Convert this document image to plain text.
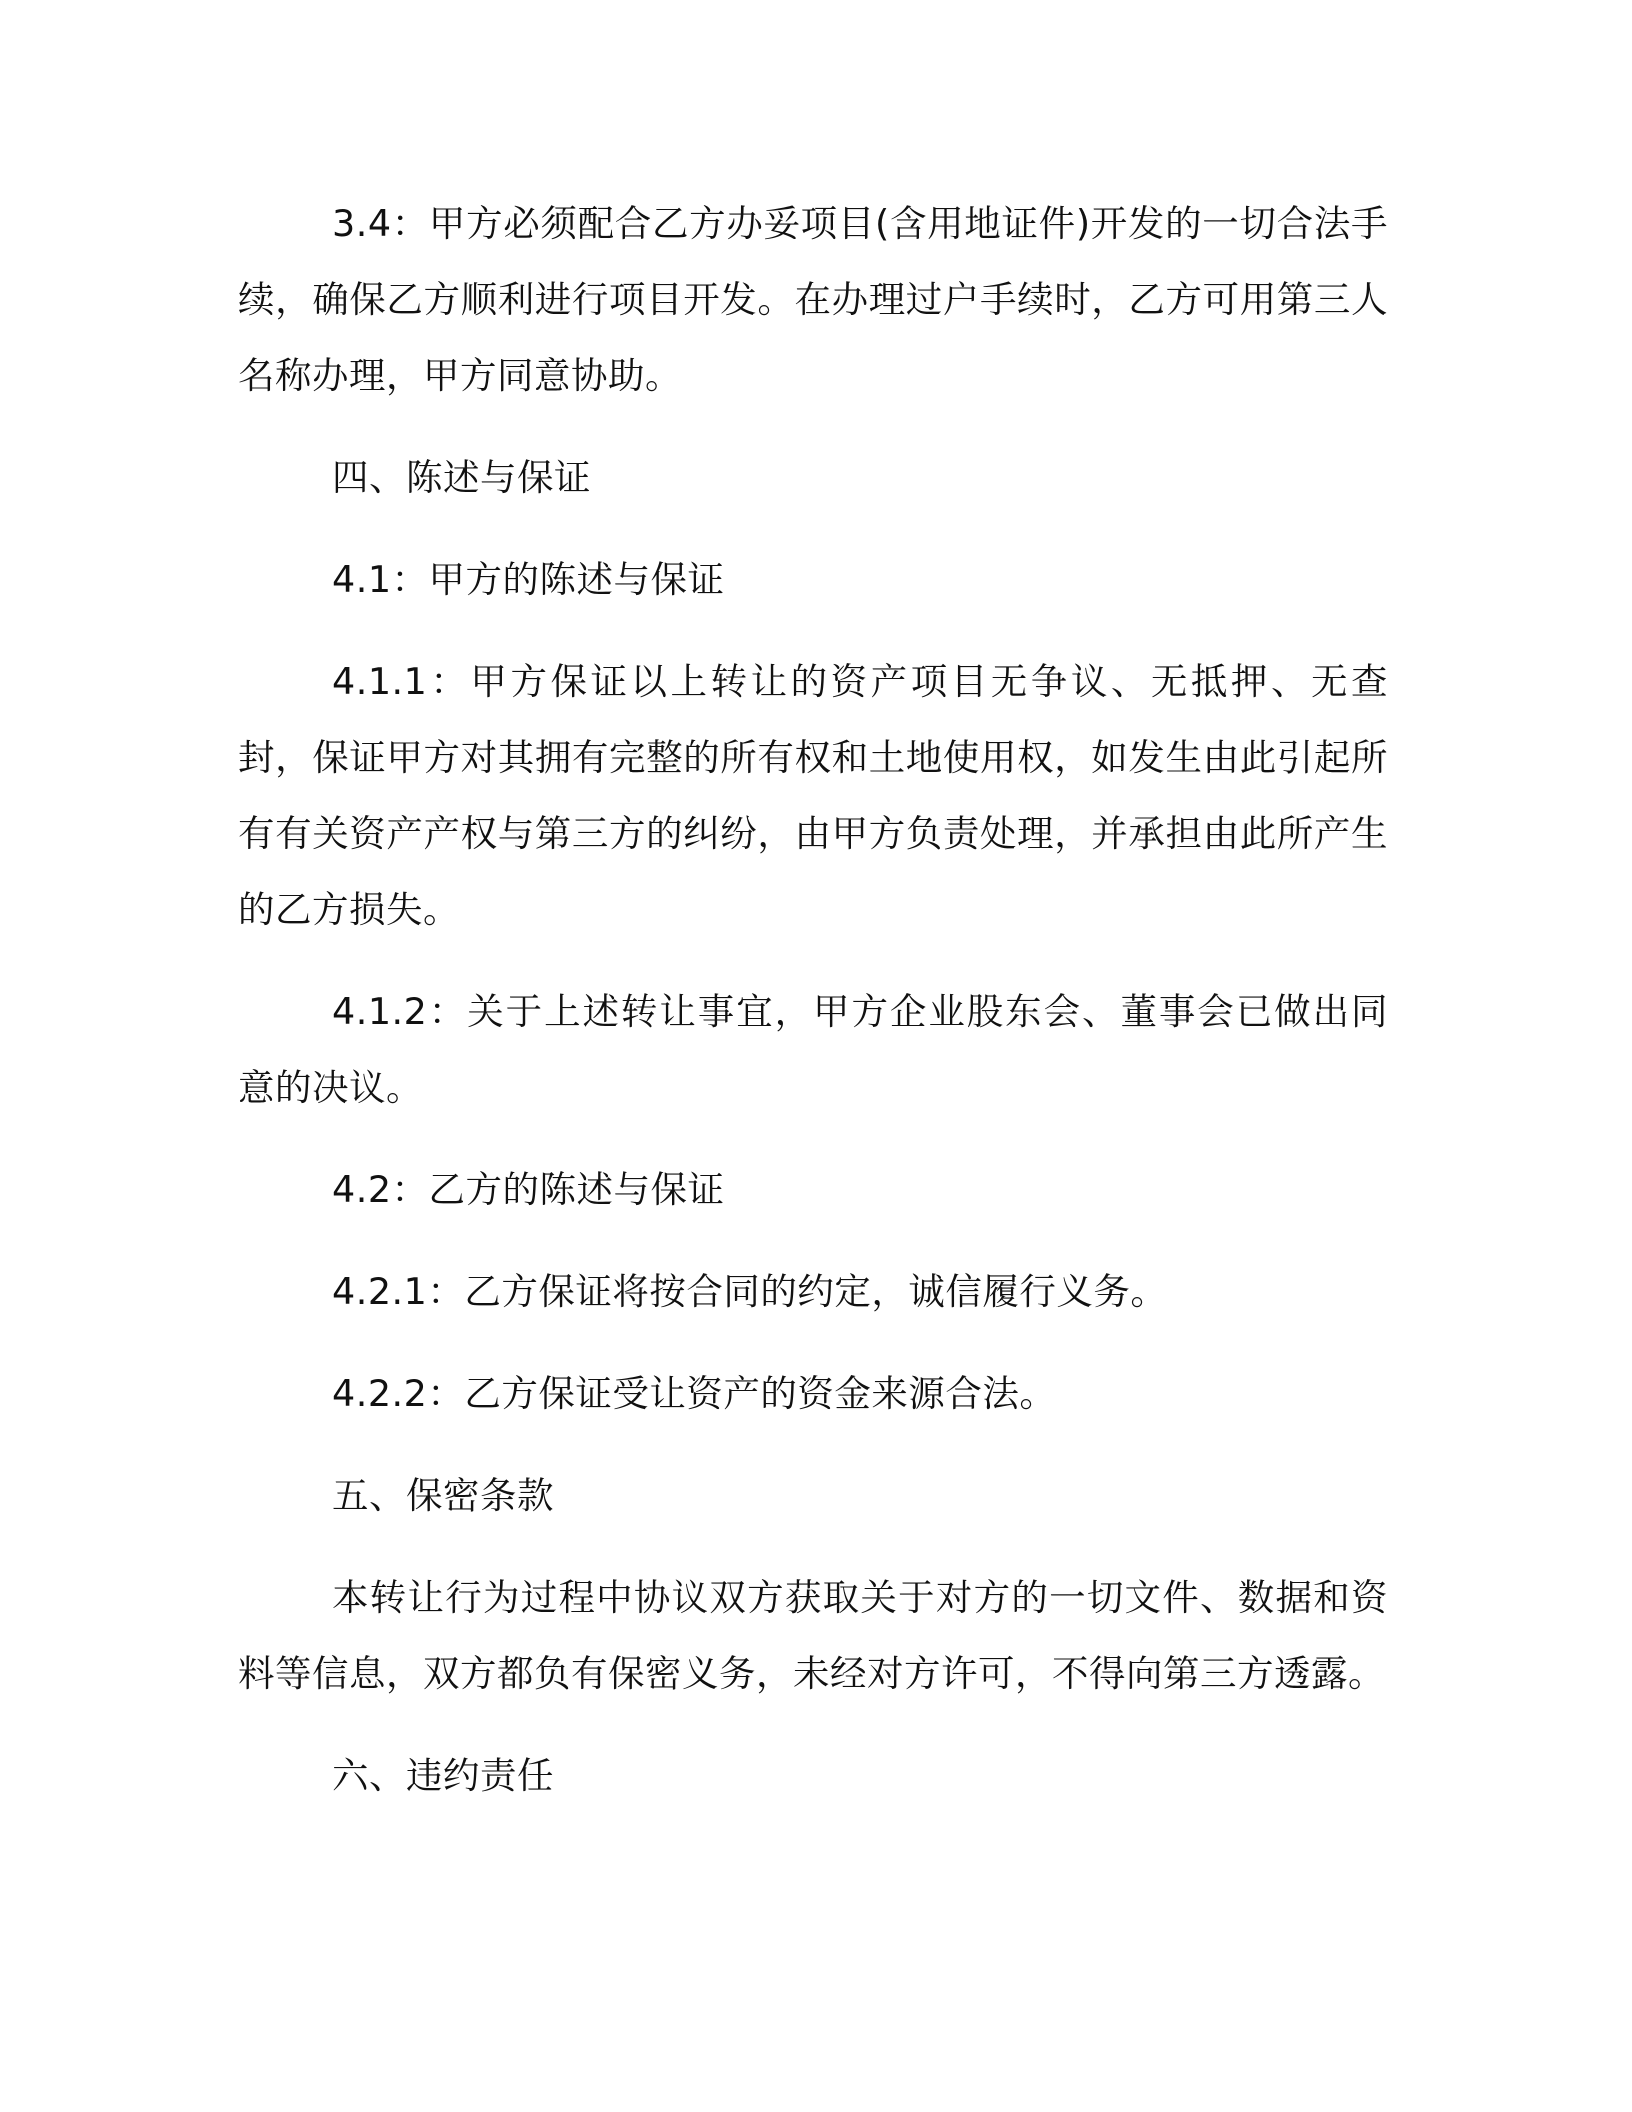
3.4：甲方必须配合乙方办妥项目(含用地证件)开发的一切合法手续，确保乙方顺利进行项目开发。在办理过户手续时，乙方可用第三人名称办理，甲方同意协助。

四、陈述与保证

4.1：甲方的陈述与保证

4.1.1：甲方保证以上转让的资产项目无争议、无抵押、无查封，保证甲方对其拥有完整的所有权和土地使用权，如发生由此引起所有有关资产产权与第三方的纠纷，由甲方负责处理，并承担由此所产生的乙方损失。

4.1.2：关于上述转让事宜，甲方企业股东会、董事会已做出同意的决议。

4.2：乙方的陈述与保证

4.2.1：乙方保证将按合同的约定，诚信履行义务。

4.2.2：乙方保证受让资产的资金来源合法。

五、保密条款

本转让行为过程中协议双方获取关于对方的一切文件、数据和资料等信息，双方都负有保密义务，未经对方许可，不得向第三方透露。

六、违约责任
